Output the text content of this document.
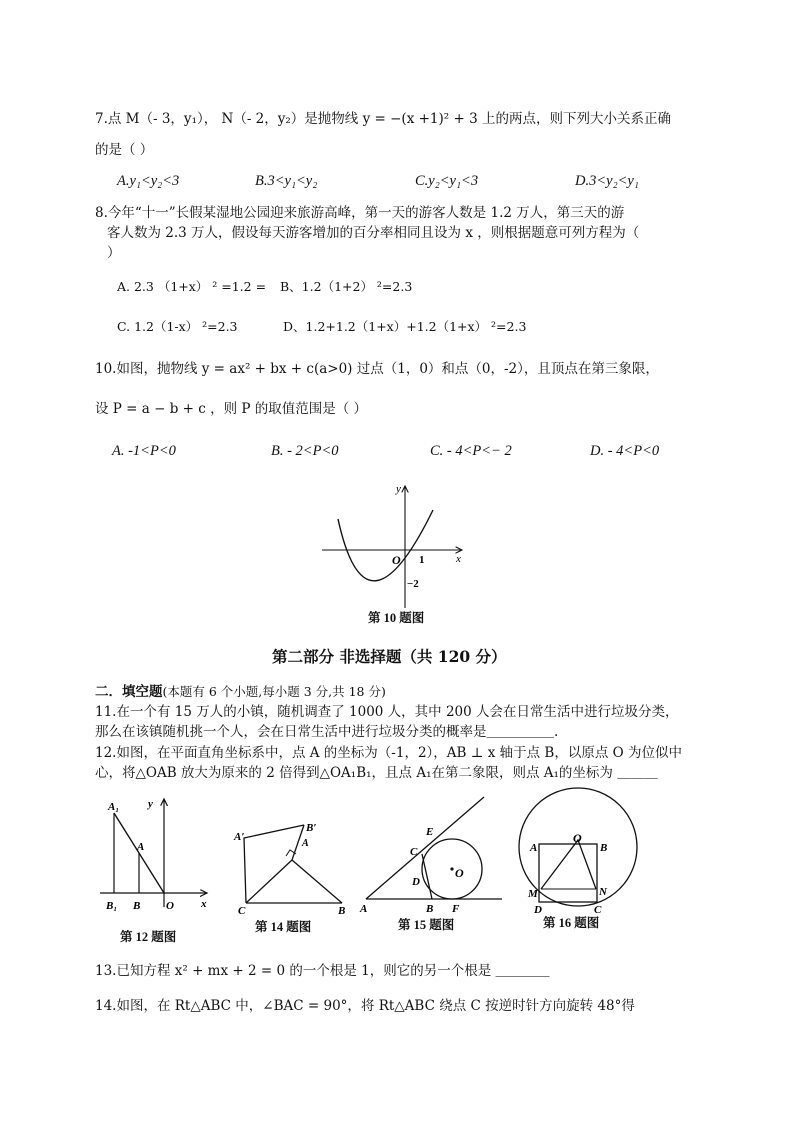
7.点 M（- 3，y₁）， N（- 2，y₂）是抛物线 y = −(x +1)² + 3 上的两点，则下列大小关系正确
的是（ ）
A.y₁<y₂<3	B.3<y₁<y₂	C.y₂<y₁<3	D.3<y₂<y₁
8.今年“十一”长假某湿地公园迎来旅游高峰，第一天的游客人数是 1.2 万人，第三天的游
客人数为 2.3 万人，假设每天游客增加的百分率相同且设为 x ，则根据题意可列方程为（
）
A. 2.3 （1+x） ² =1.2 = B、1.2（1+2） ²=2.3
C. 1.2（1-x） ²=2.3	D、1.2+1.2（1+x）+1.2（1+x） ²=2.3
10.如图，抛物线 y = ax² + bx + c(a>0) 过点（1，0）和点（0，-2），且顶点在第三象限，
设 P = a − b + c ，则 P 的取值范围是（ ）
A. -1<P<0	B. - 2<P<0	C. - 4<P<− 2	D. - 4<P<0
y
x
O 1
−2
第 10 题图
第二部分 非选择题（共 120 分）
二．填空题(本题有 6 个小题,每小题 3 分,共 18 分)
11.在一个有 15 万人的小镇，随机调查了 1000 人，其中 200 人会在日常生活中进行垃圾分类，
那么在该镇随机挑一个人，会在日常生活中进行垃圾分类的概率是＿＿＿＿＿.
12.如图，在平面直角坐标系中，点 A 的坐标为（-1，2），AB ⊥ x 轴于点 B，以原点 O 为位似中
心，将△OAB 放大为原来的 2 倍得到△OA₁B₁，且点 A₁在第二象限，则点 A₁的坐标为 ＿＿＿
A₁	y
A
B₁ B O x
第 12 题图
A′
B′
A
C	B
第 14 题图
E
C
D
O
A	B F
第 15 题图
O
A	B
M	N
D	C
第 16 题图
13.已知方程 x² + mx + 2 = 0 的一个根是 1，则它的另一个根是 ＿＿＿＿
14.如图，在 Rt△ABC 中，∠BAC = 90°，将 Rt△ABC 绕点 C 按逆时针方向旋转 48°得
